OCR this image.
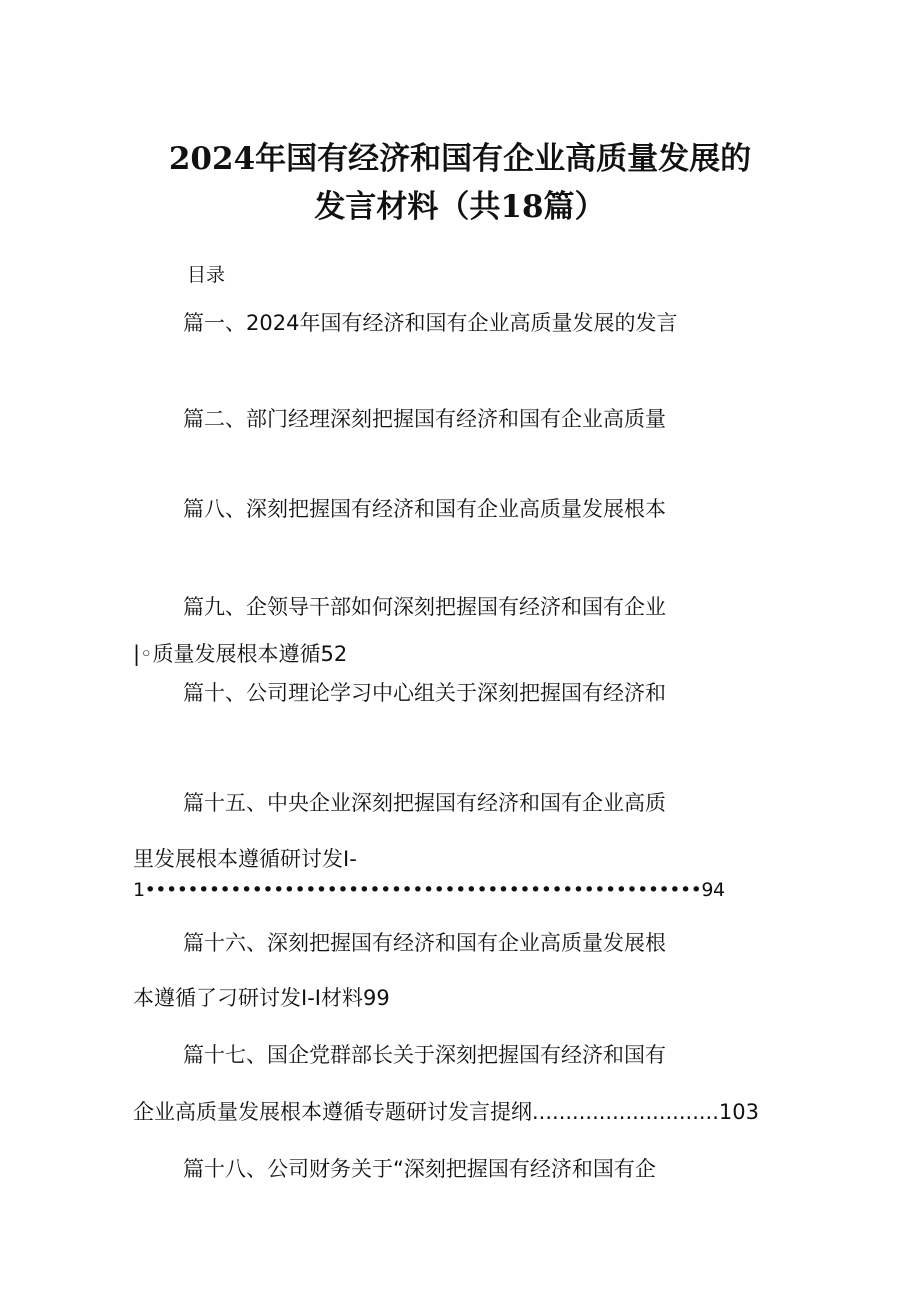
2024年国有经济和国有企业高质量发展的
发言材料（共18篇）
目录
篇一、2024年国有经济和国有企业高质量发展的发言
篇二、部门经理深刻把握国有经济和国有企业高质量
篇八、深刻把握国有经济和国有企业高质量发展根本
篇九、企领导干部如何深刻把握国有经济和国有企业
|◦质量发展根本遵循52
篇十、公司理论学习中心组关于深刻把握国有经济和
篇十五、中央企业深刻把握国有经济和国有企业高质
里发展根本遵循研讨发I-
1••••••••••••••••••••••••••••••••••••••••••••••••••••94
篇十六、深刻把握国有经济和国有企业高质量发展根
本遵循了刁研讨发I-I材料99
篇十七、国企党群部长关于深刻把握国有经济和国有
企业高质量发展根本遵循专题研讨发言提纲............................103
篇十八、公司财务关于“深刻把握国有经济和国有企
